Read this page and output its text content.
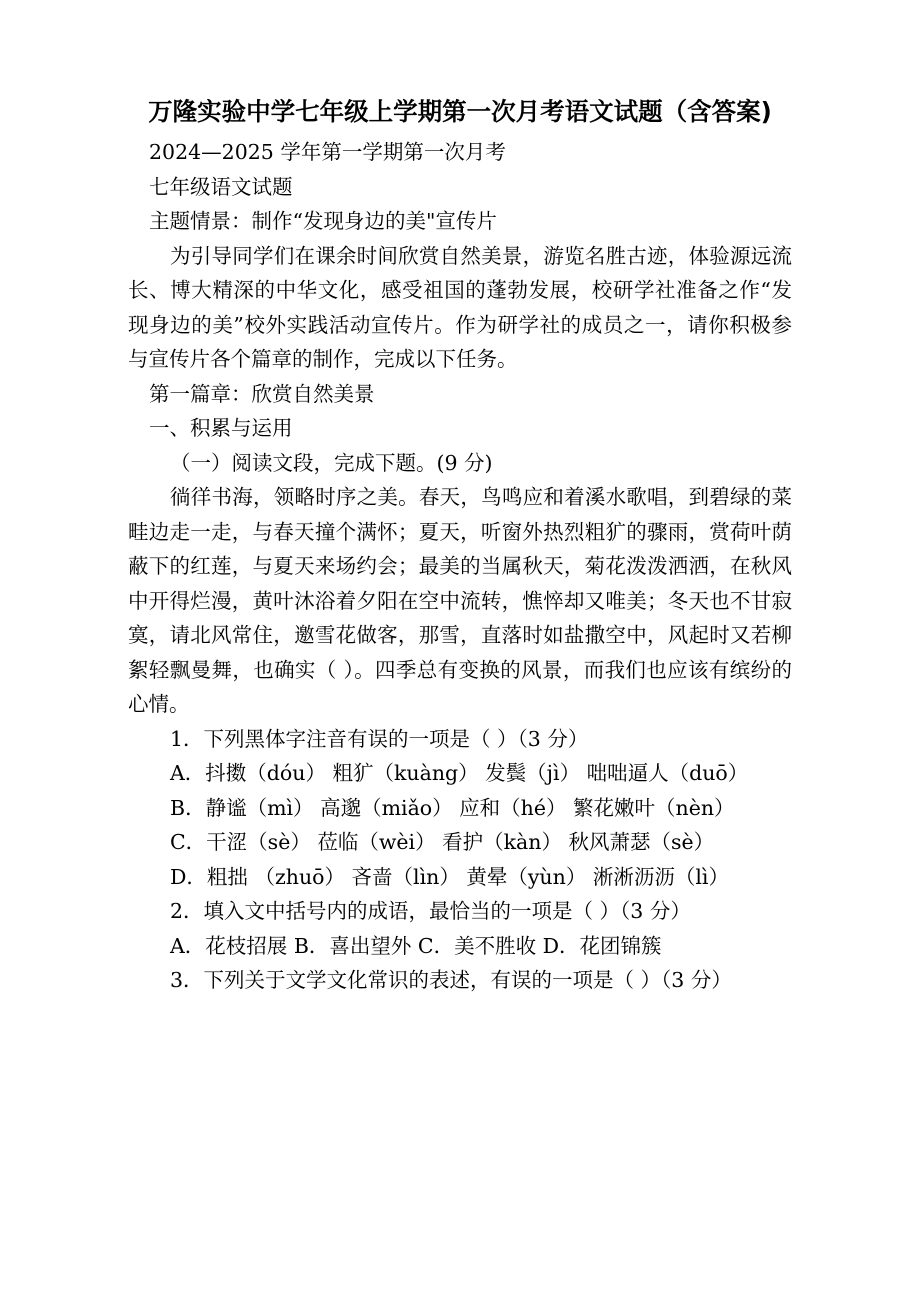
万隆实验中学七年级上学期第一次月考语文试题（含答案)

2024—2025 学年第一学期第一次月考

七年级语文试题

主题情景：制作“发现身边的美"宣传片

为引导同学们在课余时间欣赏自然美景，游览名胜古迹，体验源远流长、博大精深的中华文化，感受祖国的蓬勃发展，校研学社准备之作“发现身边的美”校外实践活动宣传片。作为研学社的成员之一，请你积极参与宣传片各个篇章的制作，完成以下任务。

第一篇章：欣赏自然美景

一、积累与运用

（一）阅读文段，完成下题。(9 分)

徜徉书海，领略时序之美。春天，鸟鸣应和着溪水歌唱，到碧绿的菜畦边走一走，与春天撞个满怀；夏天，听窗外热烈粗犷的骤雨，赏荷叶荫蔽下的红莲，与夏天来场约会；最美的当属秋天，菊花泼泼洒洒，在秋风中开得烂漫，黄叶沐浴着夕阳在空中流转，憔悴却又唯美；冬天也不甘寂寞，请北风常住，邀雪花做客，那雪，直落时如盐撒空中，风起时又若柳絮轻飘曼舞，也确实（ ）。四季总有变换的风景，而我们也应该有缤纷的心情。

1．下列黑体字注音有误的一项是（ ）（3 分）

A．抖擞（dóu） 粗犷（kuàng） 发鬓（jì） 咄咄逼人（duō）

B．静谧（mì） 高邈（miǎo） 应和（hé） 繁花嫩叶（nèn）

C．干涩（sè） 莅临（wèi） 看护（kàn） 秋风萧瑟（sè）

D．粗拙 （zhuō） 吝啬（lìn） 黄晕（yùn） 淅淅沥沥（lì）

2．填入文中括号内的成语，最恰当的一项是（ ）（3 分）

A．花枝招展 B．喜出望外 C．美不胜收 D．花团锦簇

3．下列关于文学文化常识的表述，有误的一项是（ ）（3 分）
